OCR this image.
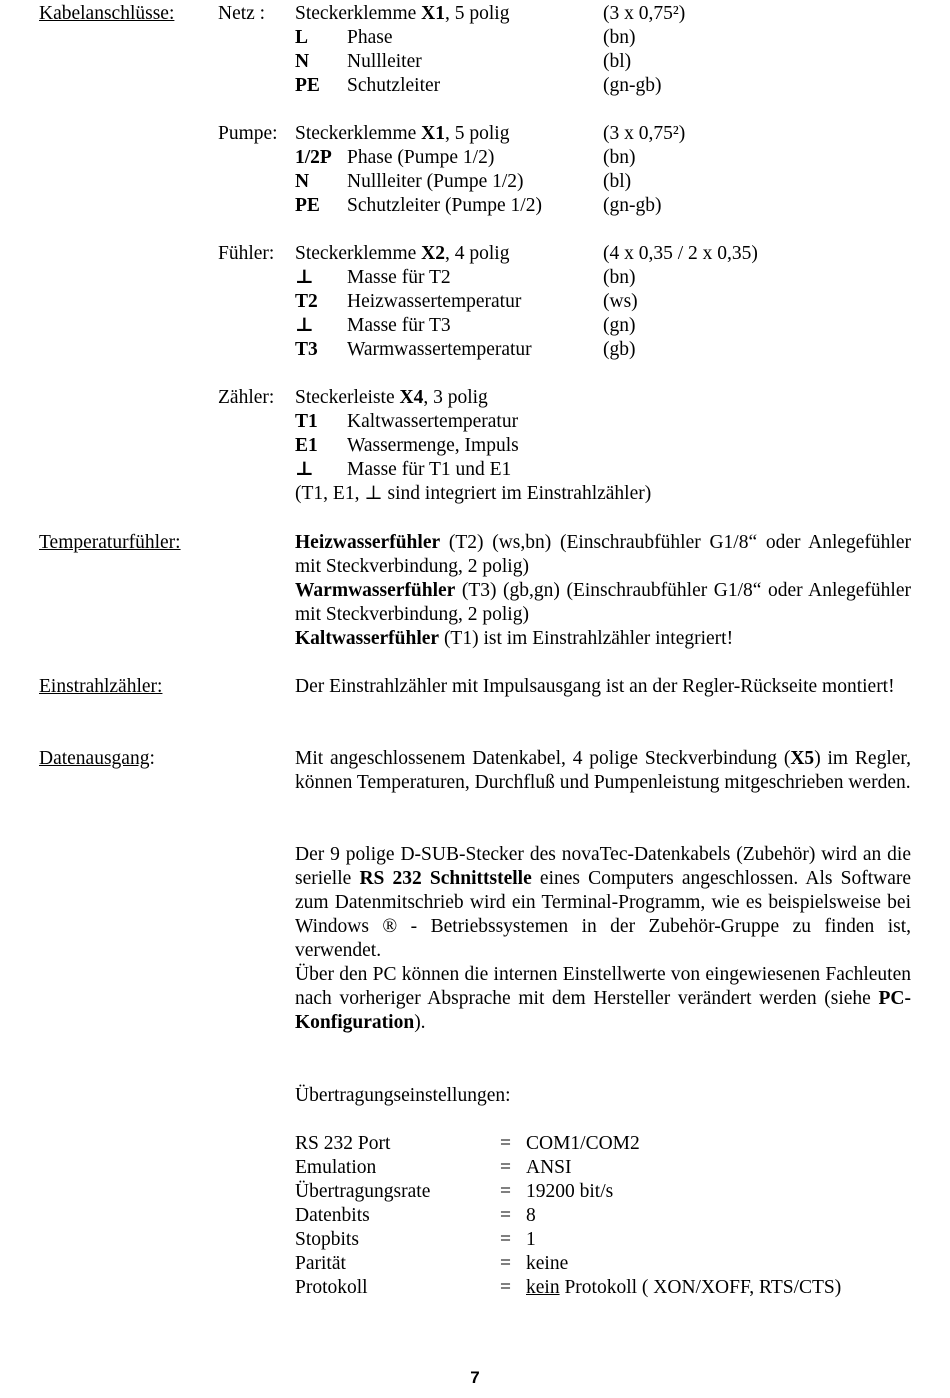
Kabelanschlüsse: Netz : Steckerklemme X1, 5 polig	(3 x 0,75²)
L Phase	(bn)
N Nullleiter	(bl)
PE Schutzleiter	(gn-gb)
Pumpe: Steckerklemme X1, 5 polig	(3 x 0,75²)
1/2P Phase (Pumpe 1/2)	(bn)
N Nullleiter (Pumpe 1/2)	(bl)
PE Schutzleiter (Pumpe 1/2)	(gn-gb)
Fühler: Steckerklemme X2, 4 polig	(4 x 0,35 / 2 x 0,35)
⊥ Masse für T2	(bn)
T2 Heizwassertemperatur	(ws)
⊥ Masse für T3	(gn)
T3 Warmwassertemperatur	(gb)
Zähler: Steckerleiste X4, 3 polig
T1 Kaltwassertemperatur
E1 Wassermenge, Impuls
⊥ Masse für T1 und E1
(T1, E1, ⊥ sind integriert im Einstrahlzähler)
Temperaturfühler:	Heizwasserfühler (T2) (ws,bn) (Einschraubfühler G1/8“ oder Anlegefühler mit Steckverbindung, 2 polig)

Warmwasserfühler (T3) (gb,gn) (Einschraubfühler G1/8“ oder Anlegefühler mit Steckverbindung, 2 polig)

Kaltwasserfühler (T1) ist im Einstrahlzähler integriert!

Einstrahlzähler:	Der Einstrahlzähler mit Impulsausgang ist an der Regler-Rückseite montiert!

Datenausgang:	Mit angeschlossenem Datenkabel, 4 polige Steckverbindung (X5) im Regler, können Temperaturen, Durchfluß und Pumpenleistung mitgeschrieben werden.

Der 9 polige D-SUB-Stecker des novaTec-Datenkabels (Zubehör) wird an die serielle RS 232 Schnittstelle eines Computers angeschlossen. Als Software zum Datenmitschrieb wird ein Terminal-Programm, wie es beispielsweise bei Windows ® - Betriebssystemen in der Zubehör-Gruppe zu finden ist, verwendet.

Über den PC können die internen Einstellwerte von eingewiesenen Fachleuten nach vorheriger Absprache mit dem Hersteller verändert werden (siehe PC-Konfiguration).

Übertragungseinstellungen:
RS 232 Port	= COM1/COM2
Emulation	= ANSI
Übertragungsrate	= 19200 bit/s
Datenbits	= 8
Stopbits	= 1
Parität	= keine
Protokoll	= kein Protokoll ( XON/XOFF, RTS/CTS)
7
